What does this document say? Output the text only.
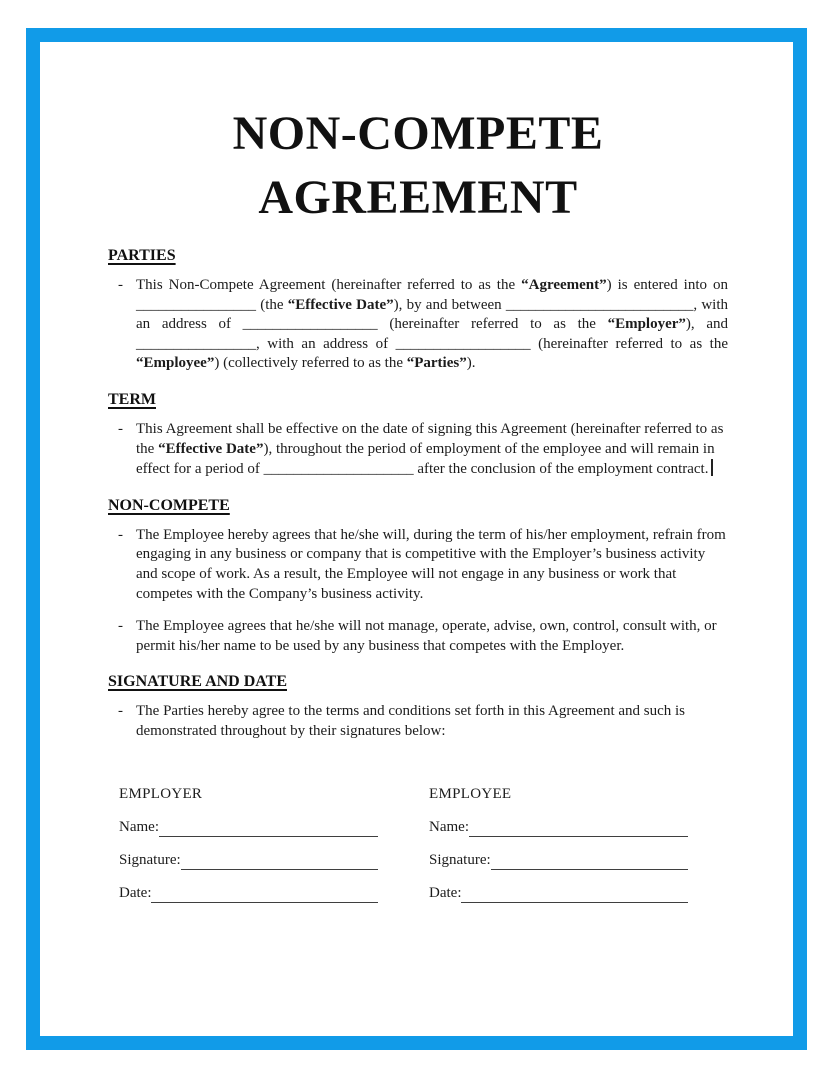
NON-COMPETE
AGREEMENT
PARTIES
- This Non-Compete Agreement (hereinafter referred to as the “Agreement”) is entered into on ________________ (the “Effective Date”), by and between _________________________, with an address of __________________ (hereinafter referred to as the “Employer”), and ________________, with an address of __________________ (hereinafter referred to as the “Employee”) (collectively referred to as the “Parties”).

TERM
- This Agreement shall be effective on the date of signing this Agreement (hereinafter referred to as the “Effective Date”), throughout the period of employment of the employee and will remain in effect for a period of ____________________ after the conclusion of the employment contract.

NON-COMPETE
- The Employee hereby agrees that he/she will, during the term of his/her employment, refrain from engaging in any business or company that is competitive with the Employer’s business activity and scope of work. As a result, the Employee will not engage in any business or work that competes with the Company’s business activity.

- The Employee agrees that he/she will not manage, operate, advise, own, control, consult with, or permit his/her name to be used by any business that competes with the Employer.

SIGNATURE AND DATE
- The Parties hereby agree to the terms and conditions set forth in this Agreement and such is demonstrated throughout by their signatures below:

EMPLOYER
Name:
Signature:
Date:
EMPLOYEE
Name:
Signature:
Date:
